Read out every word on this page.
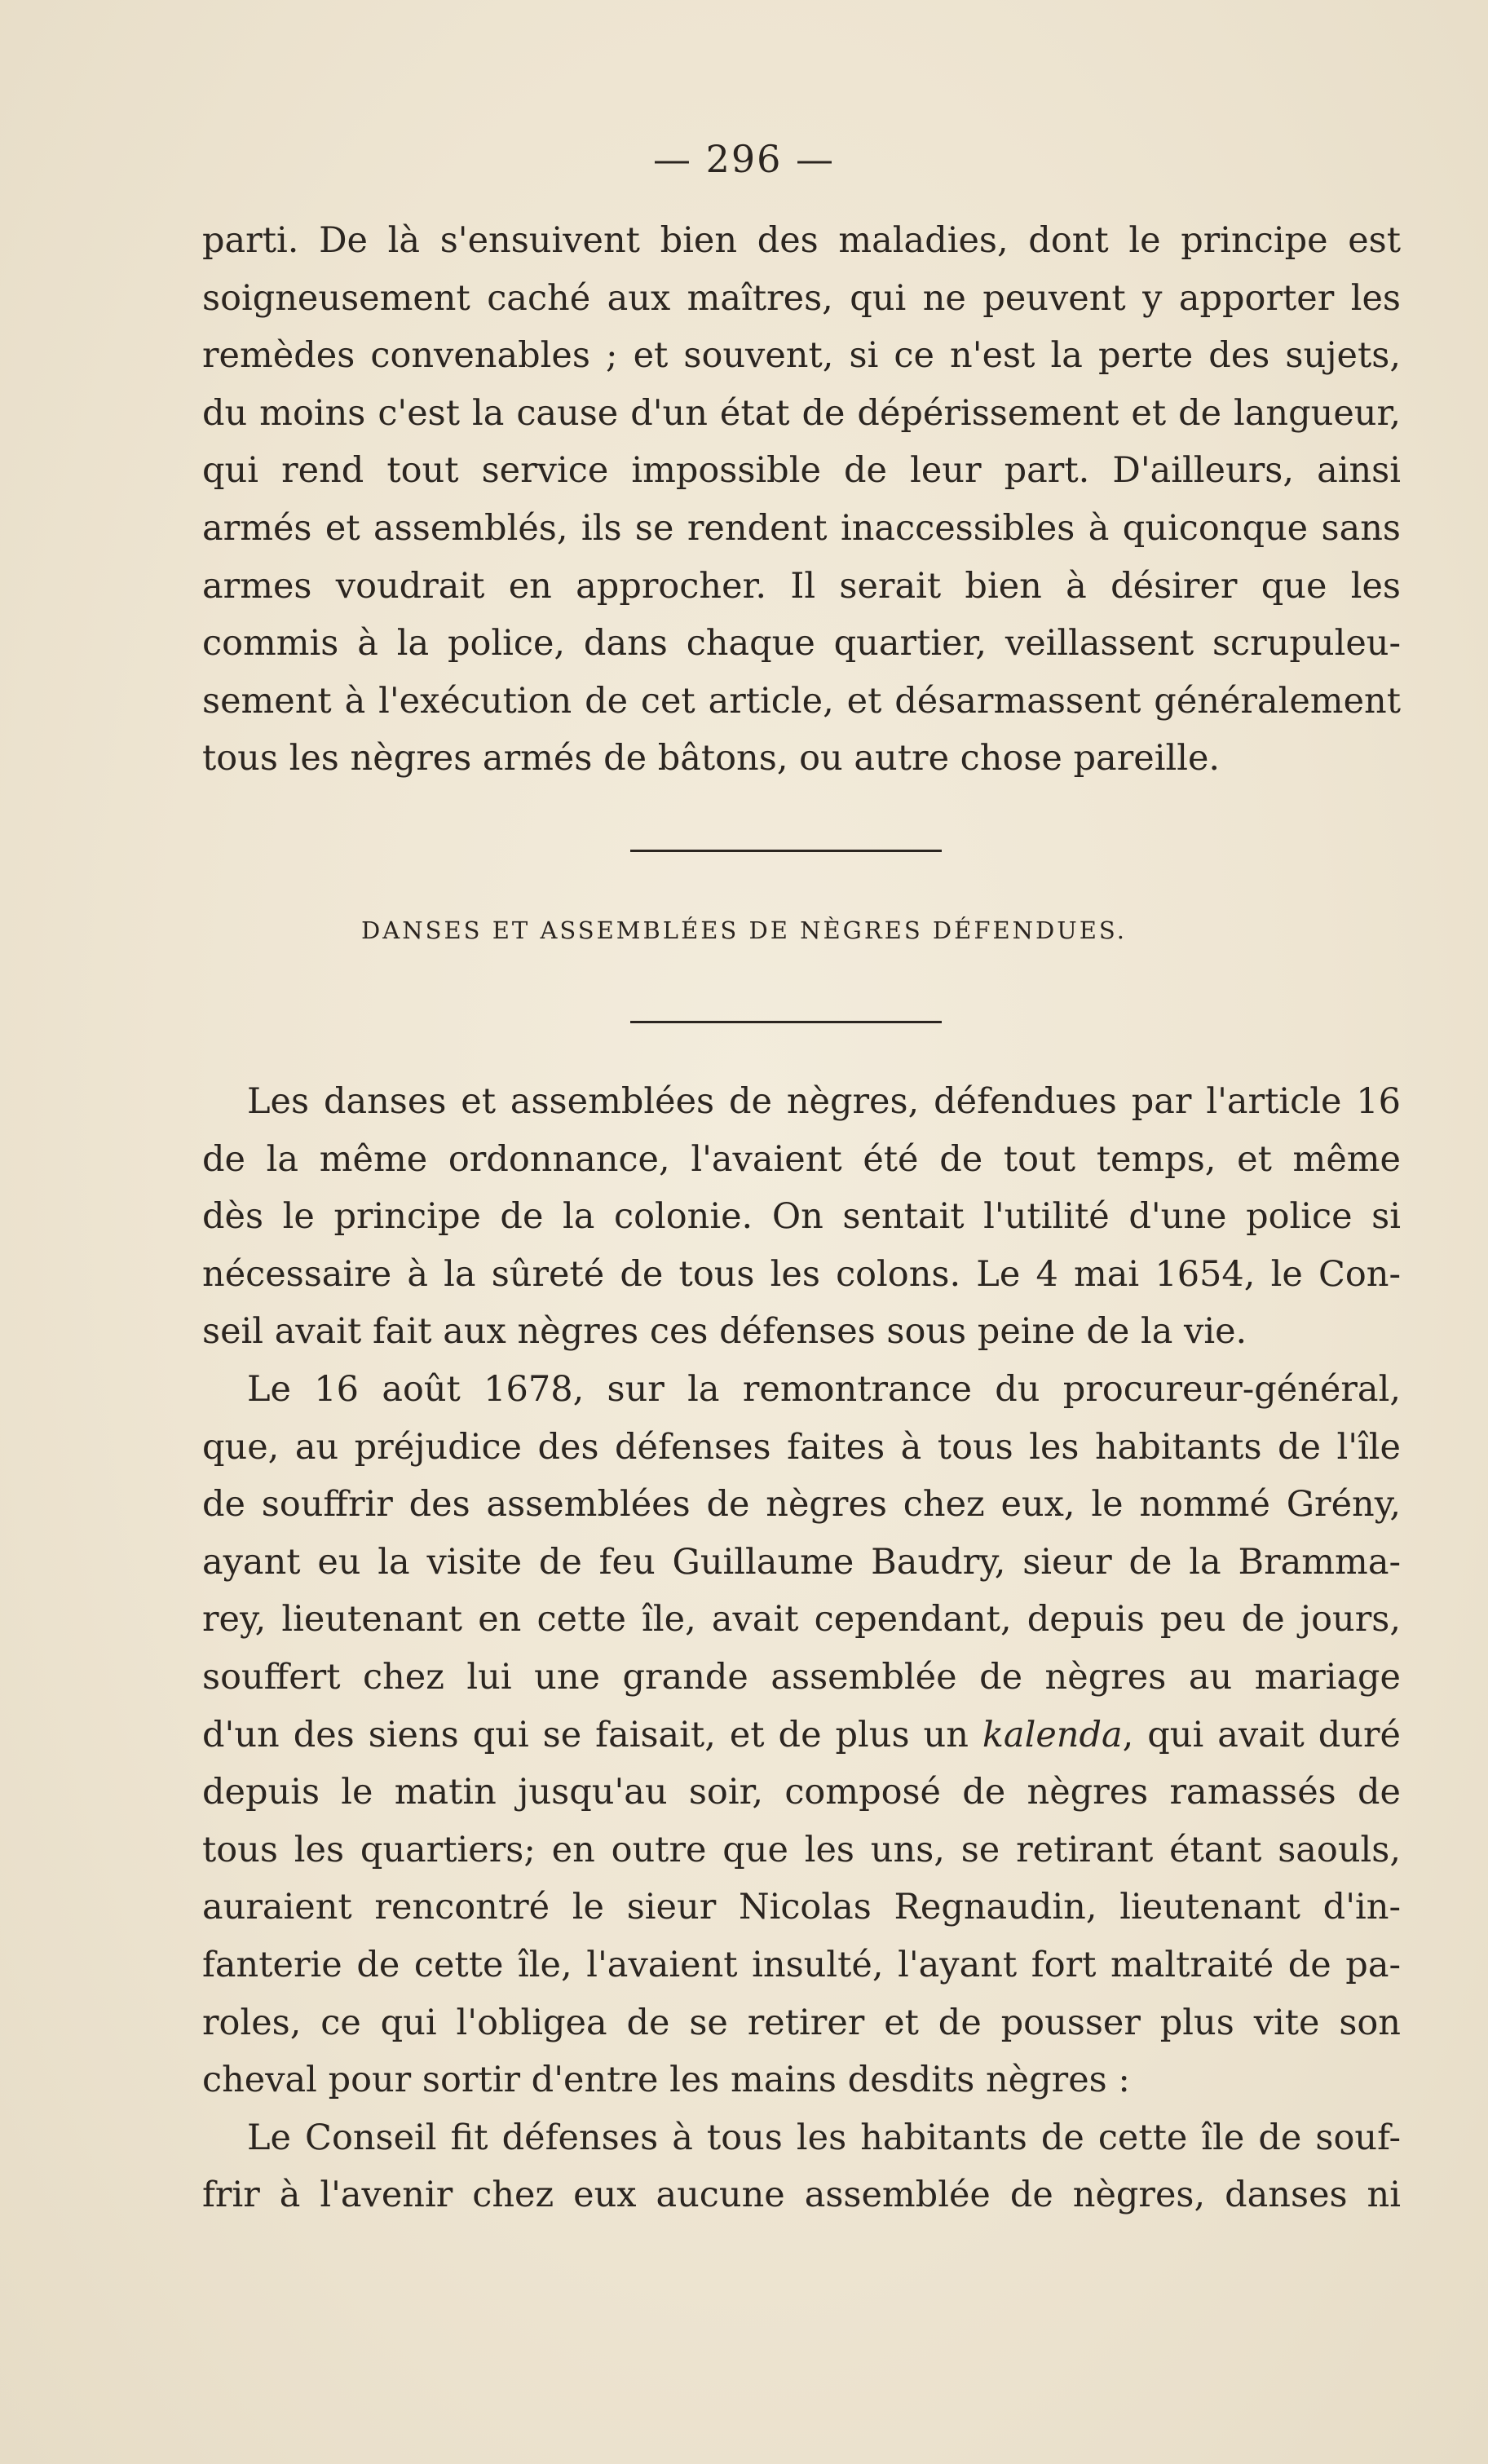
— 296 —
parti. De là s'ensuivent bien des maladies, dont le principe est
soigneusement caché aux maîtres, qui ne peuvent y apporter les
remèdes convenables ; et souvent, si ce n'est la perte des sujets,
du moins c'est la cause d'un état de dépérissement et de langueur,
qui rend tout service impossible de leur part. D'ailleurs, ainsi
armés et assemblés, ils se rendent inaccessibles à quiconque sans
armes voudrait en approcher. Il serait bien à désirer que les
commis à la police, dans chaque quartier, veillassent scrupuleu-
sement à l'exécution de cet article, et désarmassent généralement
tous les nègres armés de bâtons, ou autre chose pareille.
DANSES ET ASSEMBLÉES DE NÈGRES DÉFENDUES.
Les danses et assemblées de nègres, défendues par l'article 16
de la même ordonnance, l'avaient été de tout temps, et même
dès le principe de la colonie. On sentait l'utilité d'une police si
nécessaire à la sûreté de tous les colons. Le 4 mai 1654, le Con-
seil avait fait aux nègres ces défenses sous peine de la vie.
Le 16 août 1678, sur la remontrance du procureur-général,
que, au préjudice des défenses faites à tous les habitants de l'île
de souffrir des assemblées de nègres chez eux, le nommé Grény,
ayant eu la visite de feu Guillaume Baudry, sieur de la Bramma-
rey, lieutenant en cette île, avait cependant, depuis peu de jours,
souffert chez lui une grande assemblée de nègres au mariage
d'un des siens qui se faisait, et de plus un kalenda, qui avait duré
depuis le matin jusqu'au soir, composé de nègres ramassés de
tous les quartiers; en outre que les uns, se retirant étant saouls,
auraient rencontré le sieur Nicolas Regnaudin, lieutenant d'in-
fanterie de cette île, l'avaient insulté, l'ayant fort maltraité de pa-
roles, ce qui l'obligea de se retirer et de pousser plus vite son
cheval pour sortir d'entre les mains desdits nègres :
Le Conseil fit défenses à tous les habitants de cette île de souf-
frir à l'avenir chez eux aucune assemblée de nègres, danses ni
